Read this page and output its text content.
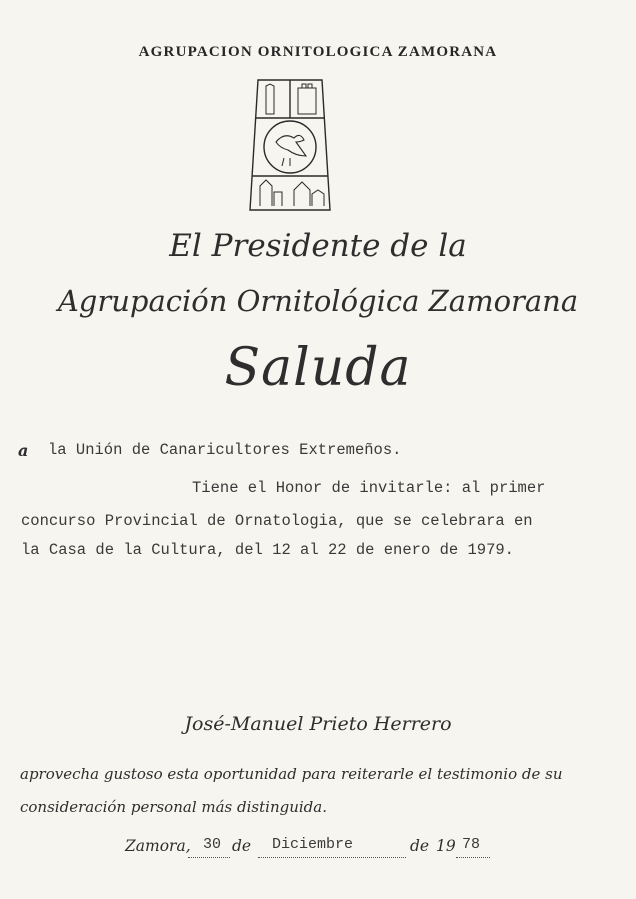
AGRUPACION ORNITOLOGICA ZAMORANA
El Presidente de la
Agrupación Ornitológica Zamorana
Saluda
a la Unión de Canaricultores Extremeños.
Tiene el Honor de invitarle: al primer
concurso Provincial de Ornatologia, que se celebrara en
la Casa de la Cultura, del 12 al 22 de enero de 1979.
José-Manuel Prieto Herrero
aprovecha gustoso esta oportunidad para reiterarle el testimonio de su
consideración personal más distinguida.
Zamora, 30 de Diciembre	de 19 78
